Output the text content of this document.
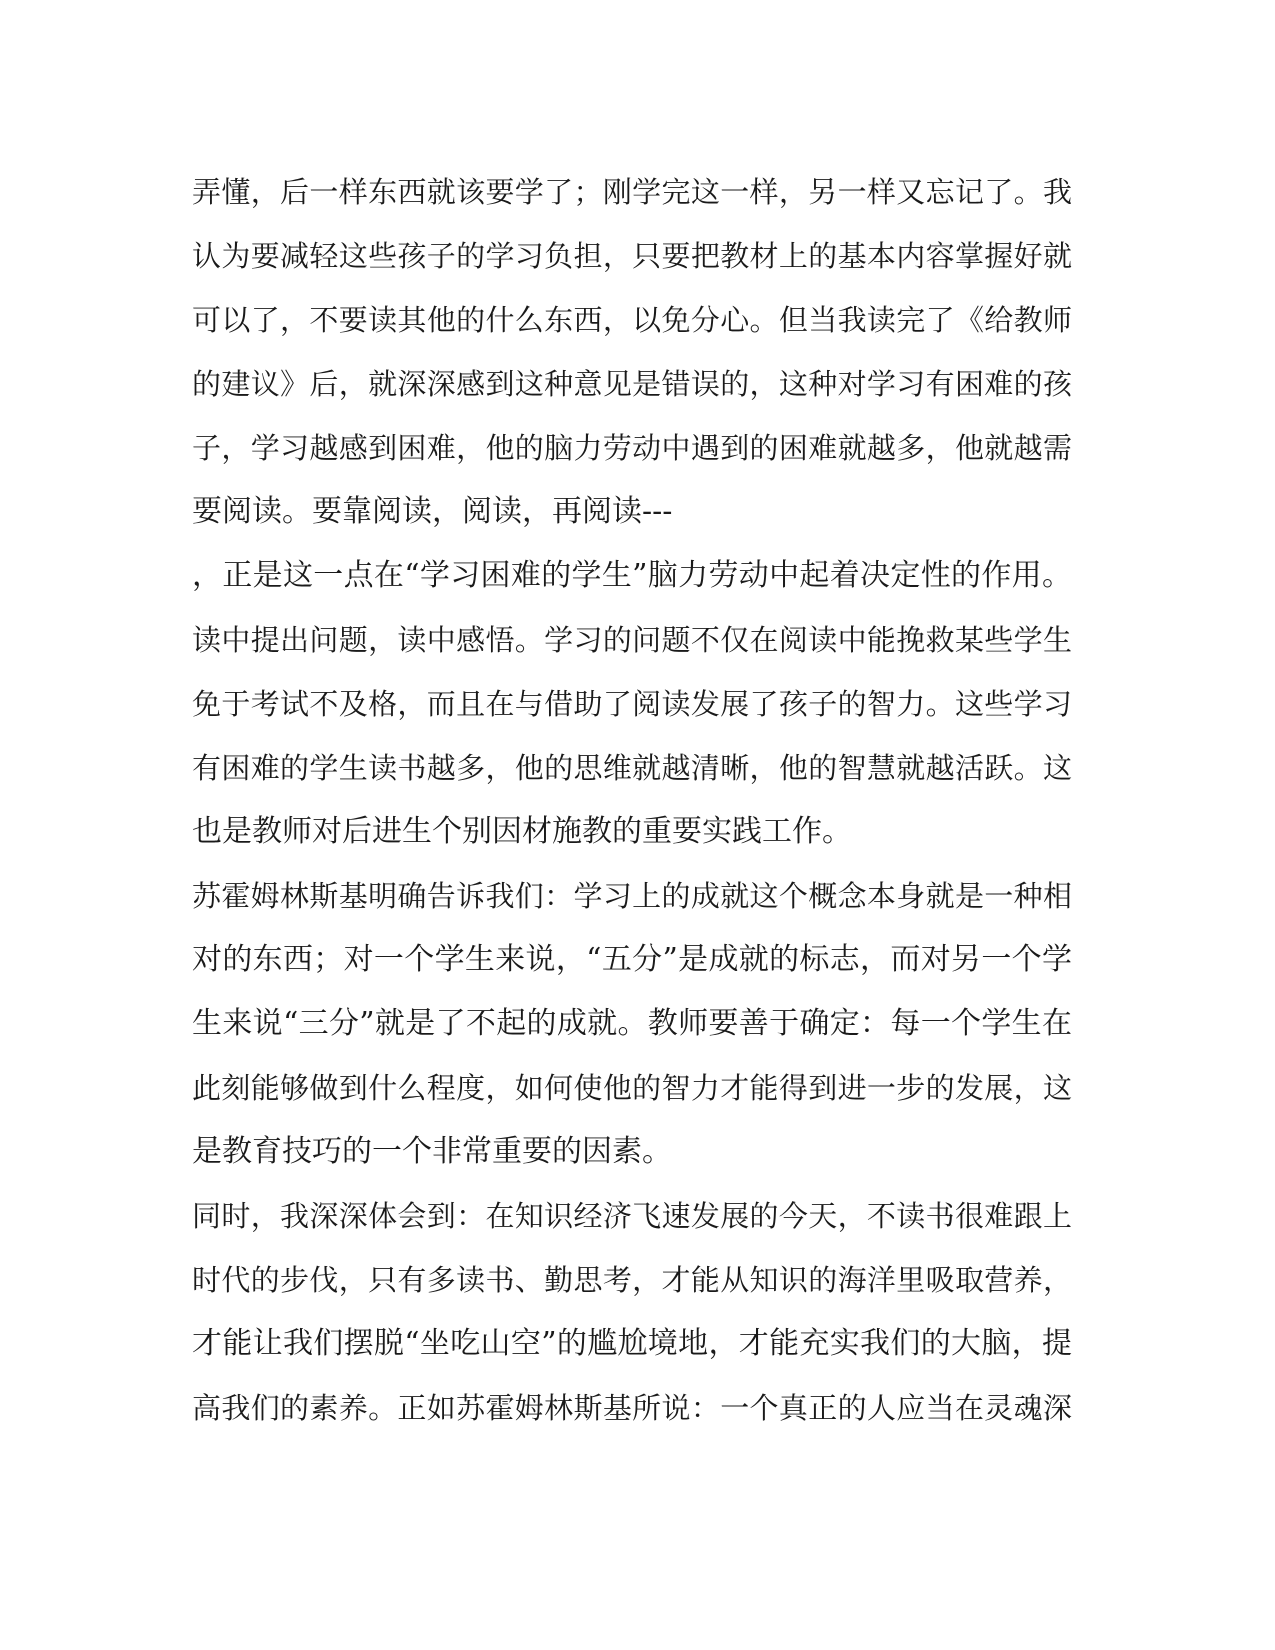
弄懂，后一样东西就该要学了；刚学完这一样，另一样又忘记了。我
认为要减轻这些孩子的学习负担，只要把教材上的基本内容掌握好就
可以了，不要读其他的什么东西，以免分心。但当我读完了《给教师
的建议》后，就深深感到这种意见是错误的，这种对学习有困难的孩
子，学习越感到困难，他的脑力劳动中遇到的困难就越多，他就越需
要阅读。要靠阅读，阅读，再阅读---
，正是这一点在“学习困难的学生”脑力劳动中起着决定性的作用。
读中提出问题，读中感悟。学习的问题不仅在阅读中能挽救某些学生
免于考试不及格，而且在与借助了阅读发展了孩子的智力。这些学习
有困难的学生读书越多，他的思维就越清晰，他的智慧就越活跃。这
也是教师对后进生个别因材施教的重要实践工作。
苏霍姆林斯基明确告诉我们：学习上的成就这个概念本身就是一种相
对的东西；对一个学生来说，“五分”是成就的标志，而对另一个学
生来说“三分”就是了不起的成就。教师要善于确定：每一个学生在
此刻能够做到什么程度，如何使他的智力才能得到进一步的发展，这
是教育技巧的一个非常重要的因素。
同时，我深深体会到：在知识经济飞速发展的今天，不读书很难跟上
时代的步伐，只有多读书、勤思考，才能从知识的海洋里吸取营养，
才能让我们摆脱“坐吃山空”的尴尬境地，才能充实我们的大脑，提
高我们的素养。正如苏霍姆林斯基所说：一个真正的人应当在灵魂深
